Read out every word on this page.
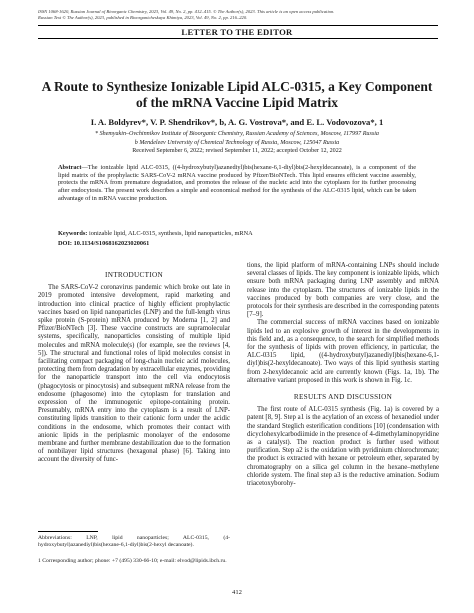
ISSN 1068-1620, Russian Journal of Bioorganic Chemistry, 2023, Vol. 49, No. 2, pp. 412–415. © The Author(s), 2023. This article is an open access publication.
Russian Text © The Author(s), 2023, published in Bioorganicheskaya Khimiya, 2023, Vol. 49, No. 2, pp. 216–220.
LETTER TO THE EDITOR
A Route to Synthesize Ionizable Lipid ALC-0315, a Key Component of the mRNA Vaccine Lipid Matrix
I. A. Boldyrev*, V. P. Shendrikov*, b, A. G. Vostrova*, and E. L. Vodovozova*, 1
* Shemyakin–Ovchinnikov Institute of Bioorganic Chemistry, Russian Academy of Sciences, Moscow, 117997 Russia
b Mendeleev University of Chemical Technology of Russia, Moscow, 125047 Russia
Received September 6, 2022; revised September 11, 2022; accepted October 12, 2022
Abstract—The ionizable lipid ALC-0315, ((4-hydroxybutyl)azanediyl)bis(hexane-6,1-diyl)bis(2-hexyldecanoate), is a component of the lipid matrix of the prophylactic SARS-CoV-2 mRNA vaccine produced by Pfizer/BioNTech. This lipid ensures efficient vaccine assembly, protects the mRNA from premature degradation, and promotes the release of the nucleic acid into the cytoplasm for its further processing after endocytosis. The present work describes a simple and economical method for the synthesis of the ALC-0315 lipid, which can be taken advantage of in mRNA vaccine production.
Keywords: ionizable lipid, ALC-0315, synthesis, lipid nanoparticles, mRNA
DOI: 10.1134/S1068162023020061
INTRODUCTION

The SARS-CoV-2 coronavirus pandemic which broke out late in 2019 promoted intensive development, rapid marketing and introduction into clinical practice of highly efficient prophylactic vaccines based on lipid nanoparticles (LNP) and the full-length virus spike protein (S-protein) mRNA produced by Moderna [1, 2] and Pfizer/BioNTech [3]. These vaccine constructs are supramolecular systems, specifically, nanoparticles consisting of multiple lipid molecules and mRNA molecule(s) (for example, see the reviews [4, 5]). The structural and functional roles of lipid molecules consist in facilitating compact packaging of long-chain nucleic acid molecules, protecting them from degradation by extracellular enzymes, providing for the nanoparticle transport into the cell via endocytosis (phagocytosis or pinocytosis) and subsequent mRNA release from the endosome (phagosome) into the cytoplasm for translation and expression of the immunogenic epitope-containing protein. Presumably, mRNA entry into the cytoplasm is a result of LNP-constituting lipids transition to their cationic form under the acidic conditions in the endosome, which promotes their contact with anionic lipids in the periplasmic monolayer of the endosome membrane and further membrane destabilization due to the formation of nonbilayer lipid structures (hexagonal phase) [6]. Taking into account the diversity of func-

tions, the lipid platform of mRNA-containing LNPs should include several classes of lipids. The key component is ionizable lipids, which ensure both mRNA packaging during LNP assembly and mRNA release into the cytoplasm. The structures of ionizable lipids in the vaccines produced by both companies are very close, and the protocols for their synthesis are described in the corresponding patents [7–9].

The commercial success of mRNA vaccines based on ionizable lipids led to an explosive growth of interest in the developments in this field and, as a consequence, to the search for simplified methods for the synthesis of lipids with proven efficiency, in particular, the ALC-0315 lipid, ((4-hydroxybutyl)azanediyl)bis(hexane-6,1-diyl)bis(2-hexyldecanoate). Two ways of this lipid synthesis starting from 2-hexyldecanoic acid are currently known (Figs. 1a, 1b). The alternative variant proposed in this work is shown in Fig. 1c.

RESULTS AND DISCUSSION

The first route of ALC-0315 synthesis (Fig. 1a) is covered by a patent [8, 9]. Step a1 is the acylation of an excess of hexanediol under the standard Steglich esterification conditions [10] (condensation with dicyclohexylcarbodiimide in the presence of 4-dimethylaminopyridine as a catalyst). The reaction product is further used without purification. Step a2 is the oxidation with pyridinium chlorochromate; the product is extracted with hexane or petroleum ether, separated by chromatography on a silica gel column in the hexane–methylene chloride system. The final step a3 is the reductive amination. Sodium triacetoxyborohy-

Abbreviations: LNP, lipid nanoparticles; ALC-0315, (4-hydroxybutyl)azanediyl)bis(hexane-6,1-diyl)bis(2-hexyl decanoate).
1 Corresponding author; phone: +7 (495) 330-66-10; e-mail: elvod@lipids.ibch.ru.
412
